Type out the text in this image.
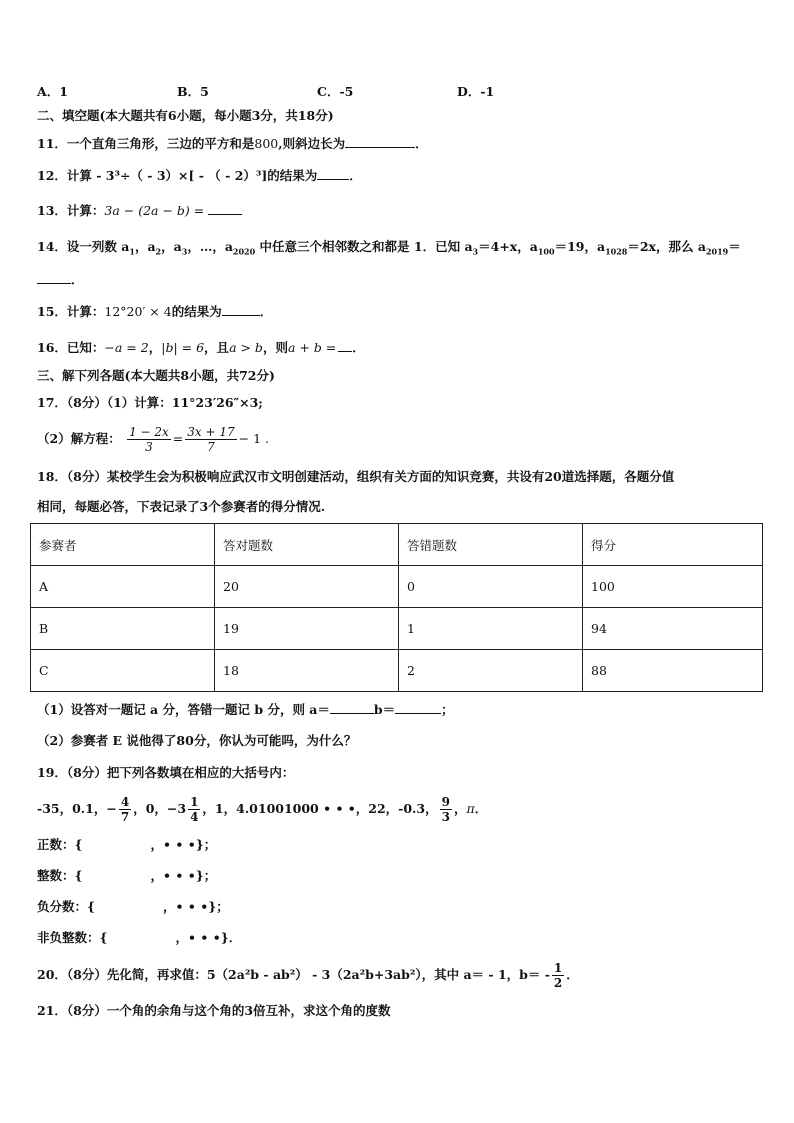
A．1	B．5	C．-5	D．-1
二、填空题(本大题共有6小题，每小题3分，共18分)
11．一个直角三角形，三边的平方和是800,则斜边长为	．
12．计算 - 3³÷（ - 3）×[ - （ - 2）³]的结果为	．
13．计算：3a − (2a − b) =
14．设一列数 $a_1$，$a_2$，$a_3$，…，$a_{2020}$ 中任意三个相邻数之和都是 1．已知 $a_3=4+x$，$a_{100}=19$，$a_{1028}=2x$，那么 $a_{2019}=$
．
15．计算：12°20′ × 4的结果为	．
16．已知：−a = 2，|b| = 6，且a > b，则a + b = ．
三、解下列各题(本大题共8小题，共72分)
17．（8分）（1）计算：11°23′26″×3;
（2）解方程： $\frac{1 - 2x}{3} = \frac{3x + 17}{7} - 1$ .
18．（8分）某校学生会为积极响应武汉市文明创建活动，组织有关方面的知识竞赛，共设有20道选择题，各题分值
相同，每题必答，下表记录了3个参赛者的得分情况.
参赛者	答对题数	答错题数	得分
A	20	0	100
B	19	1	94
C	18	2	88
（1）设答对一题记 a 分，答错一题记 b 分，则 a＝	b＝	；
（2）参赛者 E 说他得了80分，你认为可能吗，为什么？
19．（8分）把下列各数填在相应的大括号内：
-35，0.1，− $\frac{4}{7}$ ，0，$-3 \frac{1}{4}$ ，1，4.01001000 • • •，22，-0.3， $\frac{9}{3}$ ，π．
正数：{	，• • •}；
整数：{	，• • •}；
负分数：{	，• • •}；
非负整数：{	，• • •}．
20．（8分）先化简，再求值：5（2a²b - ab²） - 3（2a²b+3ab²），其中 a＝ - 1，$b= - \frac{1}{2}$ ．
21．（8分）一个角的余角与这个角的3倍互补，求这个角的度数
